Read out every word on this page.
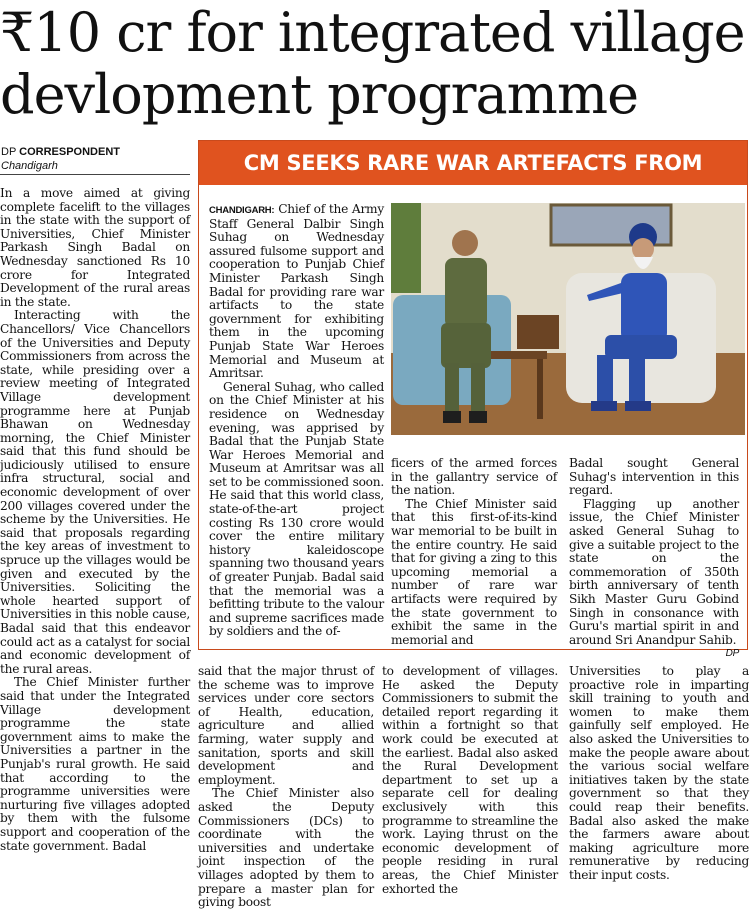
₹10 cr for integrated village
devlopment programme
DP CORRESPONDENT
Chandigarh

In a move aimed at giving complete facelift to the villages in the state with the support of Universities, Chief Minister Parkash Singh Badal on Wednesday sanctioned Rs 10 crore for Integrated Development of the rural areas in the state.

Interacting with the Chancellors/ Vice Chancellors of the Universities and Deputy Commissioners from across the state, while presiding over a review meeting of Integrated Village development programme here at Punjab Bhawan on Wednesday morning, the Chief Minister said that this fund should be judiciously utilised to ensure infra structural, social and economic development of over 200 villages covered under the scheme by the Universities. He said that proposals regarding the key areas of investment to spruce up the villages would be given and executed by the Universities. Soliciting the whole hearted support of Universities in this noble cause, Badal said that this endeavor could act as a catalyst for social and economic development of the rural areas.

The Chief Minister further said that under the Integrated Village development programme the state government aims to make the Universities a partner in the Punjab's rural growth. He said that according to the programme universities were nurturing five villages adopted by them with the fulsome support and cooperation of the state government. Badal

said that the major thrust of the scheme was to improve services under core sectors of Health, education, agriculture and allied farming, water supply and sanitation, sports and skill development and employment.

The Chief Minister also asked the Deputy Commissioners (DCs) to coordinate with the universities and undertake joint inspection of the villages adopted by them to prepare a master plan for giving boost

to development of villages. He asked the Deputy Commissioners to submit the detailed report regarding it within a fortnight so that work could be executed at the earliest. Badal also asked the Rural Development department to set up a separate cell for dealing exclusively with this programme to streamline the work. Laying thrust on the economic development of people residing in rural areas, the Chief Minister exhorted the

Universities to play a proactive role in imparting skill training to youth and women to make them gainfully self employed. He also asked the Universities to make the people aware about the various social welfare initiatives taken by the state government so that they could reap their benefits. Badal also asked the make the farmers aware about making agriculture more remunerative by reducing their input costs.

CM SEEKS RARE WAR ARTEFACTS FROM

CHANDIGARH: Chief of the Army Staff General Dalbir Singh Suhag on Wednesday assured fulsome support and cooperation to Punjab Chief Minister Parkash Singh Badal for providing rare war artifacts to the state government for exhibiting them in the upcoming Punjab State War Heroes Memorial and Museum at Amritsar.

General Suhag, who called on the Chief Minister at his residence on Wednesday evening, was apprised by Badal that the Punjab State War Heroes Memorial and Museum at Amritsar was all set to be commissioned soon. He said that this world class, state-of-the-art project costing Rs 130 crore would cover the entire military history kaleidoscope spanning two thousand years of greater Punjab. Badal said that the memorial was a befitting tribute to the valour and supreme sacrifices made by soldiers and the of-

ficers of the armed forces in the gallantry service of the nation.

The Chief Minister said that this first-of-its-kind war memorial to be built in the entire country. He said that for giving a zing to this upcoming memorial a number of rare war artifacts were required by the state government to exhibit the same in the memorial and

Badal sought General Suhag's intervention in this regard.

Flagging up another issue, the Chief Minister asked General Suhag to give a suitable project to the state on the commemoration of 350th birth anniversary of tenth Sikh Master Guru Gobind Singh in consonance with Guru's martial spirit in and around Sri Anandpur Sahib.
DP
